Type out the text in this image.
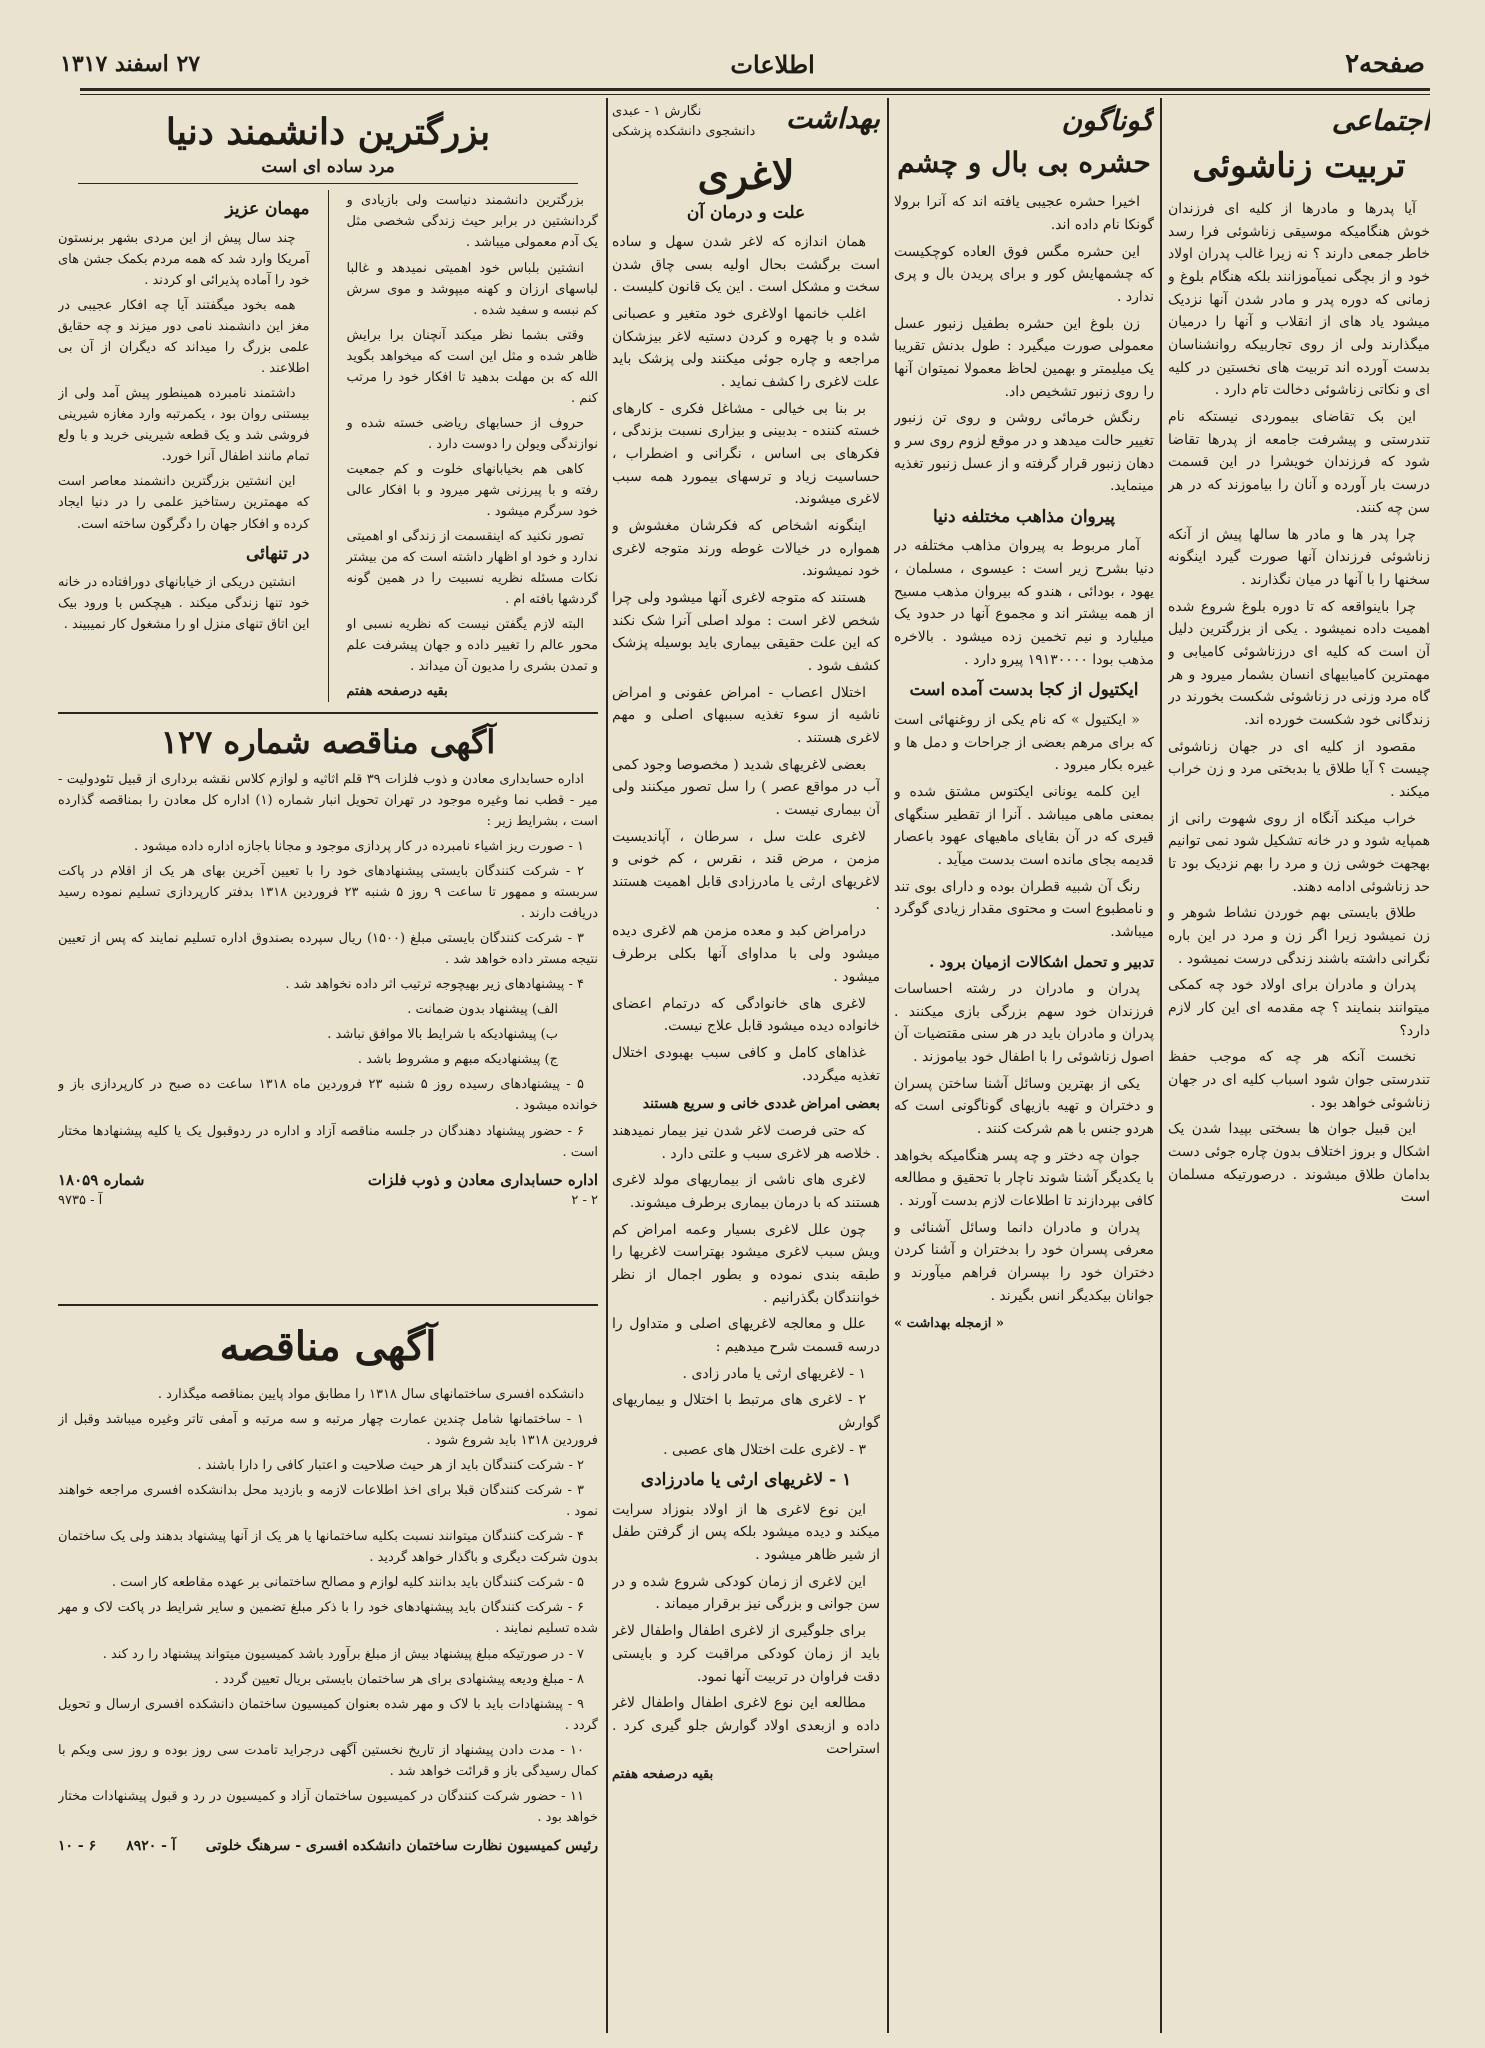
صفحه۲
اطلاعات
۲۷ اسفند ۱۳۱۷
اجتماعی
تربیت زناشوئی

آیا پدرها و مادرها از کلیه ای فرزندان خوش هنگامیکه موسیقی زناشوئی فرا رسد خاطر جمعی دارند ؟ نه زیرا غالب پدران اولاد خود و از بچگی نمیآموزانند بلکه هنگام بلوغ و زمانی که دوره پدر و مادر شدن آنها نزدیک میشود یاد های از انقلاب و آنها را درمیان میگذارند ولی از روی تجاربیکه روانشناسان بدست آورده اند تربیت های نخستین در کلیه ای و نکاتی زناشوئی دخالت تام دارد .

این بک تقاضای بیموردی نیستکه نام تندرستی و پیشرفت جامعه از پدرها تقاضا شود که فرزندان خویشرا در این قسمت درست بار آورده و آنان را بیاموزند که در هر سن چه کنند.

چرا پدر ها و مادر ها سالها پیش از آنکه زناشوئی فرزندان آنها صورت گیرد اینگونه سخنها را با آنها در میان نگذارند .

چرا باینواقعه که تا دوره بلوغ شروع شده اهمیت داده نمیشود . یکی از بزرگترین دلیل آن است که کلیه ای درزناشوئی کامیابی و مهمترین کامیابیهای انسان بشمار میرود و هر گاه مرد وزنی در زناشوئی شکست بخورند در زندگانی خود شکست خورده اند.

مقصود از کلیه ای در جهان زناشوئی چیست ؟ آیا طلاق یا بدبختی مرد و زن خراب میکند .

خراب میکند آنگاه از روی شهوت رانی از همپایه شود و در خانه تشکیل شود نمی توانیم بهجهت خوشی زن و مرد را بهم نزدیک بود تا حد زناشوئی ادامه دهند.

طلاق بایستی بهم خوردن نشاط شوهر و زن نمیشود زیرا اگر زن و مرد در این باره نگرانی داشته باشند زندگی درست نمیشود .

پدران و مادران برای اولاد خود چه کمکی میتوانند بنمایند ؟ چه مقدمه ای این کار لازم دارد؟

نخست آنکه هر چه که موجب حفظ تندرستی جوان شود اسباب کلیه ای در جهان زناشوئی خواهد بود .

این قبیل جوان ها بسختی بپیدا شدن یک اشکال و بروز اختلاف بدون چاره جوئی دست بدامان طلاق میشوند . درصورتیکه مسلمان است

گوناگون
حشره بی بال و چشم

اخیرا حشره عجیبی یافته اند که آنرا برولا گونکا نام داده اند.

این حشره مگس فوق العاده کوچکیست که چشمهایش کور و برای پریدن بال و پری ندارد .

زن بلوغ این حشره بطفیل زنبور عسل معمولی صورت میگیرد : طول بدنش تقریبا یک میلیمتر و بهمین لحاظ معمولا نمیتوان آنها را روی زنبور تشخیص داد.

رنگش خرمائی روشن و روی تن زنبور تغییر حالت میدهد و در موقع لزوم روی سر و دهان زنبور قرار گرفته و از عسل زنبور تغذیه مینماید.

پیروان مذاهب مختلفه دنیا

آمار مربوط به پیروان مذاهب مختلفه در دنیا بشرح زیر است : عیسوی ، مسلمان ، یهود ، بودائی ، هندو که بیروان مذهب مسیح از همه بیشتر اند و مجموع آنها در حدود یک میلیارد و نیم تخمین زده میشود . بالاخره مذهب بودا ۱۹۱۳۰۰۰۰ پیرو دارد .

ایکتیول از کجا بدست آمده است

« ایکتیول » که نام یکی از روغنهائی است که برای مرهم بعضی از جراحات و دمل ها و غیره بکار میرود .

این کلمه یونانی ایکتوس مشتق شده و بمعنی ماهی میباشد . آنرا از تقطیر سنگهای قیری که در آن بقایای ماهیهای عهود باعصار قدیمه بجای مانده است بدست میآید .

رنگ آن شبیه قطران بوده و دارای بوی تند و نامطبوع است و محتوی مقدار زیادی گوگرد میباشد.

تدبیر و تحمل اشکالات ازمیان برود .

پدران و مادران در رشته احساسات فرزندان خود سهم بزرگی بازی میکنند . پدران و مادران باید در هر سنی مقتضیات آن اصول زناشوئی را با اطفال خود بیاموزند .

یکی از بهترین وسائل آشنا ساختن پسران و دختران و تهیه بازیهای گوناگونی است که هردو جنس با هم شرکت کنند .

جوان چه دختر و چه پسر هنگامیکه بخواهد با یکدیگر آشنا شوند ناچار با تحقیق و مطالعه کافی بپردازند تا اطلاعات لازم بدست آورند .

پدران و مادران دانما وسائل آشنائی و معرفی پسران خود را بدختران و آشنا کردن دختران خود را بپسران فراهم میآورند و جوانان بیکدیگر انس بگیرند .

« ازمجله بهداشت »
بهداشت
نگارش ۱ - عبدی
دانشجوی دانشکده پزشکی
لاغری
علت و درمان آن

همان اندازه که لاغر شدن سهل و ساده است برگشت بحال اولیه بسی چاق شدن سخت و مشکل است . این یک قانون کلیست .

اغلب خانمها اولاغری خود متغیر و عصبانی شده و با چهره و کردن دستیه لاغر بیزشکان مراجعه و چاره جوئی میکنند ولی پزشک باید علت لاغری را کشف نماید .

بر بنا بی خیالی - مشاغل فکری - کارهای خسته کننده - بدبینی و بیزاری نسبت بزندگی ، فکرهای بی اساس ، نگرانی و اضطراب ، حساسیت زیاد و ترسهای بیمورد همه سبب لاغری میشوند.

اینگونه اشخاص که فکرشان مغشوش و همواره در خیالات غوطه ورند متوجه لاغری خود نمیشوند.

هستند که متوجه لاغری آنها میشود ولی چرا شخص لاغر است : مولد اصلی آنرا شک نکند که این علت حقیقی بیماری باید بوسیله پزشک کشف شود .

اختلال اعصاب - امراض عفونی و امراض ناشیه از سوء تغذیه سببهای اصلی و مهم لاغری هستند .

بعضی لاغریهای شدید ( مخصوصا وجود کمی آب در مواقع عصر ) را سل تصور میکنند ولی آن بیماری نیست .

لاغری علت سل ، سرطان ، آپاندیسیت مزمن ، مرض قند ، نقرس ، کم خونی و لاغریهای ارثی یا مادرزادی قابل اهمیت هستند .

درامراض کبد و معده مزمن هم لاغری دیده میشود ولی با مداوای آنها بکلی برطرف میشود .

لاغری های خانوادگی که درتمام اعضای خانواده دیده میشود قابل علاج نیست.

غذاهای کامل و کافی سبب بهبودی اختلال تغذیه میگردد.

بعضی امراض غددی خانی و سریع هستند

که حتی فرصت لاغر شدن نیز بیمار نمیدهند . خلاصه هر لاغری سبب و علتی دارد .

لاغری های ناشی از بیماریهای مولد لاغری هستند که با درمان بیماری برطرف میشوند.

چون علل لاغری بسیار وعمه امراض کم ویش سبب لاغری میشود بهتراست لاغریها را طبقه بندی نموده و بطور اجمال از نظر خوانندگان بگذرانیم .

علل و معالجه لاغریهای اصلی و متداول را درسه قسمت شرح میدهیم :

۱ - لاغریهای ارثی یا مادر زادی .

۲ - لاغری های مرتبط با اختلال و بیماریهای گوارش

۳ - لاغری علت اختلال های عصبی .

۱ - لاغریهای ارثی یا مادرزادی

این نوع لاغری ها از اولاد بنوزاد سرایت میکند و دیده میشود بلکه پس از گرفتن طفل از شیر ظاهر میشود .

این لاغری از زمان کودکی شروع شده و در سن جوانی و بزرگی نیز برقرار میماند .

برای جلوگیری از لاغری اطفال واطفال لاغر باید از زمان کودکی مراقبت کرد و بایستی دقت فراوان در تربیت آنها نمود.

مطالعه این نوع لاغری اطفال واطفال لاغر داده و ازبعدی اولاد گوارش جلو گیری کرد . استراحت

بقیه درصفحه هفتم
بزرگترین دانشمند دنیا
مرد ساده ای است

بزرگترین دانشمند دنیاست ولی بازیادی و گردانشتین در برابر حیث زندگی شخصی مثل یک آدم معمولی میباشد .

انشتین بلباس خود اهمیتی نمیدهد و غالبا لباسهای ارزان و کهنه میپوشد و موی سرش کم نبسه و سفید شده .

وقتی بشما نظر میکند آنچنان برا برایش ظاهر شده و مثل این است که میخواهد بگوید الله که بن مهلت بدهید تا افکار خود را مرتب کنم .

حروف از حسابهای ریاضی خسته شده و نوازندگی ویولن را دوست دارد .

کاهی هم بخیابانهای خلوت و کم جمعیت رفته و با پیرزنی شهر میرود و با افکار عالی خود سرگرم میشود .

تصور نکنید که اینقسمت از زندگی او اهمیتی ندارد و خود او اظهار داشته است که من بیشتر نکات مسئله نظریه نسبیت را در همین گونه گردشها بافته ام .

البته لازم یگفتن نیست که نظریه نسبی او محور عالم را تغییر داده و جهان پیشرفت علم و تمدن بشری را مدیون آن میداند .

بقیه درصفحه هفتم
مهمان عزیز

چند سال پیش از این مردی بشهر برنستون آمریکا وارد شد که همه مردم بکمک جشن های خود را آماده پذیرائی او کردند .

همه بخود میگفتند آیا چه افکار عجیبی در مغز این دانشمند نامی دور میزند و چه حقایق علمی بزرگ را میداند که دیگران از آن بی اطلاعند .

داشتمند نامبرده همینطور پیش آمد ولی از بیستنی روان بود ، یکمرتبه وارد مغازه شیرینی فروشی شد و یک قطعه شیرینی خرید و با ولع تمام مانند اطفال آنرا خورد.

این انشتین بزرگترین دانشمند معاصر است که مهمترین رستاخیز علمی را در دنیا ایجاد کرده و افکار جهان را دگرگون ساخته است.

در تنهائی

انشتین دریکی از خیابانهای دورافتاده در خانه خود تنها زندگی میکند . هیچکس با ورود بیک این اتاق تنهای منزل او را مشغول کار نمیبیند .

آگهی مناقصه شماره ۱۲۷

اداره حسابداری معادن و ذوب فلزات ۳۹ قلم اثاثیه و لوازم کلاس نقشه برداری از قبیل تئودولیت - میر - قطب نما وغیره موجود در تهران تحویل انبار شماره (۱) اداره کل معادن را بمناقصه گذارده است ، بشرایط زیر :

۱ - صورت ریز اشیاء نامبرده در کار پردازی موجود و مجانا باجازه اداره داده میشود .

۲ - شرکت کنندگان بایستی پیشنهادهای خود را با تعیین آخرین بهای هر یک از اقلام در پاکت سربسته و ممهور تا ساعت ۹ روز ۵ شنبه ۲۳ فروردین ۱۳۱۸ بدفتر کارپردازی تسلیم نموده رسید دریافت دارند .

۳ - شرکت کنندگان بایستی مبلغ (۱۵۰۰) ریال سپرده بصندوق اداره تسلیم نمایند که پس از تعیین نتیجه مستر داده خواهد شد .

۴ - پیشنهادهای زیر بهیچوجه ترتیب اثر داده نخواهد شد .

الف) پیشنهاد بدون ضمانت .

ب) پیشنهادیکه با شرایط بالا موافق نباشد .

ج) پیشنهادیکه مبهم و مشروط باشد .

۵ - پیشنهادهای رسیده روز ۵ شنبه ۲۳ فروردین ماه ۱۳۱۸ ساعت ده صبح در کارپردازی باز و خوانده میشود .

۶ - حضور پیشنهاد دهندگان در جلسه مناقصه آزاد و اداره در ردوقبول یک یا کلیه پیشنهادها مختار است .

اداره حسابداری معادن و ذوب فلزات
شماره ۱۸۰۵۹
۲ - ۲
آ - ۹۷۳۵
آگهی مناقصه

دانشکده افسری ساختمانهای سال ۱۳۱۸ را مطابق مواد پایین بمناقصه میگذارد .

۱ - ساختمانها شامل چندین عمارت چهار مرتبه و سه مرتبه و آمفی تاتر وغیره میباشد وقبل از فروردین ۱۳۱۸ باید شروع شود .

۲ - شرکت کنندگان باید از هر حیث صلاحیت و اعتبار کافی را دارا باشند .

۳ - شرکت کنندگان قبلا برای اخذ اطلاعات لازمه و بازدید محل بدانشکده افسری مراجعه خواهند نمود .

۴ - شرکت کنندگان میتوانند نسبت بکلیه ساختمانها یا هر یک از آنها پیشنهاد بدهند ولی یک ساختمان بدون شرکت دیگری و باگذار خواهد گردید .

۵ - شرکت کنندگان باید بدانند کلیه لوازم و مصالح ساختمانی بر عهده مقاطعه کار است .

۶ - شرکت کنندگان باید پیشنهادهای خود را با ذکر مبلغ تضمین و سایر شرایط در پاکت لاک و مهر شده تسلیم نمایند .

۷ - در صورتیکه مبلغ پیشنهاد بیش از مبلغ برآورد باشد کمیسیون میتواند پیشنهاد را رد کند .

۸ - مبلغ ودیعه پیشنهادی برای هر ساختمان بایستی بریال تعیین گردد .

۹ - پیشنهادات باید با لاک و مهر شده بعنوان کمیسیون ساختمان دانشکده افسری ارسال و تحویل گردد .

۱۰ - مدت دادن پیشنهاد از تاریخ نخستین آگهی درجراید تامدت سی روز بوده و روز سی ویکم با کمال رسیدگی باز و قرائت خواهد شد .

۱۱ - حضور شرکت کنندگان در کمیسیون ساختمان آزاد و کمیسیون در رد و قبول پیشنهادات مختار خواهد بود .

رئیس کمیسیون نظارت ساختمان دانشکده افسری - سرهنگ خلوتی
آ - ۸۹۲۰
۶ - ۱۰
